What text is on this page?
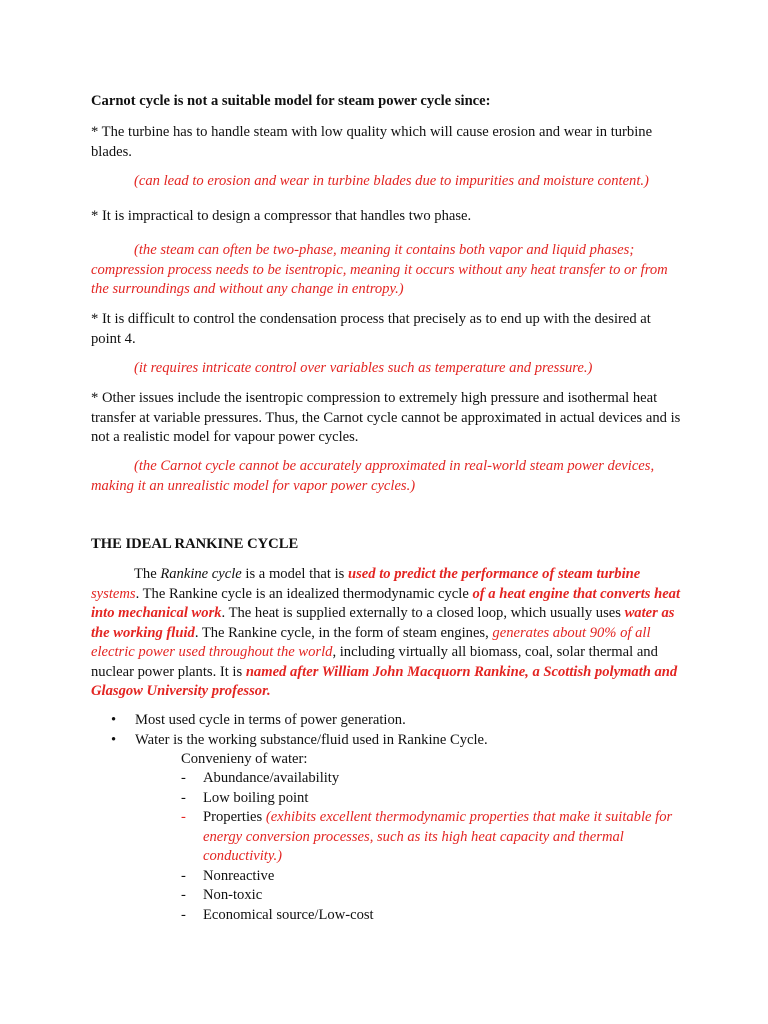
Carnot cycle is not a suitable model for steam power cycle since:

* The turbine has to handle steam with low quality which will cause erosion and wear in turbine blades.

(can lead to erosion and wear in turbine blades due to impurities and moisture content.)

* It is impractical to design a compressor that handles two phase.

(the steam can often be two-phase, meaning it contains both vapor and liquid phases; compression process needs to be isentropic, meaning it occurs without any heat transfer to or from the surroundings and without any change in entropy.)

* It is difficult to control the condensation process that precisely as to end up with the desired at point 4.

(it requires intricate control over variables such as temperature and pressure.)

* Other issues include the isentropic compression to extremely high pressure and isothermal heat transfer at variable pressures. Thus, the Carnot cycle cannot be approximated in actual devices and is not a realistic model for vapour power cycles.

(the Carnot cycle cannot be accurately approximated in real-world steam power devices, making it an unrealistic model for vapor power cycles.)

THE IDEAL RANKINE CYCLE

The Rankine cycle is a model that is used to predict the performance of steam turbine systems. The Rankine cycle is an idealized thermodynamic cycle of a heat engine that converts heat into mechanical work. The heat is supplied externally to a closed loop, which usually uses water as the working fluid. The Rankine cycle, in the form of steam engines, generates about 90% of all electric power used throughout the world, including virtually all biomass, coal, solar thermal and nuclear power plants. It is named after William John Macquorn Rankine, a Scottish polymath and Glasgow University professor.

• Most used cycle in terms of power generation.
• Water is the working substance/fluid used in Rankine Cycle.

Convenieny of water:

- Abundance/availability
- Low boiling point
- Properties (exhibits excellent thermodynamic properties that make it suitable for energy conversion processes, such as its high heat capacity and thermal conductivity.)
- Nonreactive
- Non-toxic
- Economical source/Low-cost
